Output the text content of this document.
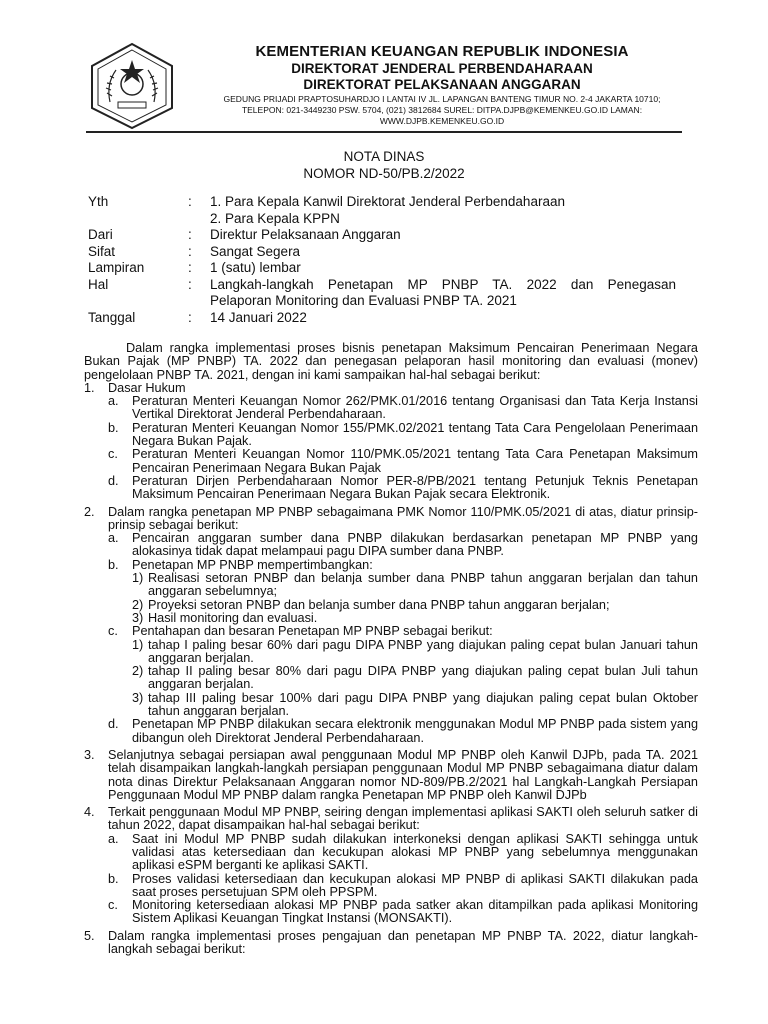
KEMENTERIAN KEUANGAN REPUBLIK INDONESIA
DIREKTORAT JENDERAL PERBENDAHARAAN
DIREKTORAT PELAKSANAAN ANGGARAN
GEDUNG PRIJADI PRAPTOSUHARDJO I LANTAI IV JL. LAPANGAN BANTENG TIMUR NO. 2-4 JAKARTA 10710;
TELEPON: 021-3449230 PSW. 5704, (021) 3812684 SUREL: DITPA.DJPB@KEMENKEU.GO.ID LAMAN:
WWW.DJPB.KEMENKEU.GO.ID
NOTA DINAS
NOMOR ND-50/PB.2/2022
Yth	:	1. Para Kepala Kanwil Direktorat Jenderal Perbendaharaan
2. Para Kepala KPPN
Dari	:	Direktur Pelaksanaan Anggaran
Sifat	:	Sangat Segera
Lampiran	:	1 (satu) lembar
Hal	:	Langkah-langkah Penetapan MP PNBP TA. 2022 dan Penegasan
Pelaporan Monitoring dan Evaluasi PNBP TA. 2021
Tanggal	:	14 Januari 2022

Dalam rangka implementasi proses bisnis penetapan Maksimum Pencairan Penerimaan Negara Bukan Pajak (MP PNBP) TA. 2022 dan penegasan pelaporan hasil monitoring dan evaluasi (monev) pengelolaan PNBP TA. 2021, dengan ini kami sampaikan hal-hal sebagai berikut:

1.	Dasar Hukum
a.	Peraturan Menteri Keuangan Nomor 262/PMK.01/2016 tentang Organisasi dan Tata Kerja Instansi Vertikal Direktorat Jenderal Perbendaharaan.
b.	Peraturan Menteri Keuangan Nomor 155/PMK.02/2021 tentang Tata Cara Pengelolaan Penerimaan Negara Bukan Pajak.
c.	Peraturan Menteri Keuangan Nomor 110/PMK.05/2021 tentang Tata Cara Penetapan Maksimum Pencairan Penerimaan Negara Bukan Pajak
d.	Peraturan Dirjen Perbendaharaan Nomor PER-8/PB/2021 tentang Petunjuk Teknis Penetapan Maksimum Pencairan Penerimaan Negara Bukan Pajak secara Elektronik.
2.	Dalam rangka penetapan MP PNBP sebagaimana PMK Nomor 110/PMK.05/2021 di atas, diatur prinsip-prinsip sebagai berikut:
a.	Pencairan anggaran sumber dana PNBP dilakukan berdasarkan penetapan MP PNBP yang alokasinya tidak dapat melampaui pagu DIPA sumber dana PNBP.
b.	Penetapan MP PNBP mempertimbangkan:
1) Realisasi setoran PNBP dan belanja sumber dana PNBP tahun anggaran berjalan dan tahun anggaran sebelumnya;
2) Proyeksi setoran PNBP dan belanja sumber dana PNBP tahun anggaran berjalan;
3) Hasil monitoring dan evaluasi.
c.	Pentahapan dan besaran Penetapan MP PNBP sebagai berikut:
1) tahap I paling besar 60% dari pagu DIPA PNBP yang diajukan paling cepat bulan Januari tahun anggaran berjalan.
2) tahap II paling besar 80% dari pagu DIPA PNBP yang diajukan paling cepat bulan Juli tahun anggaran berjalan.
3) tahap III paling besar 100% dari pagu DIPA PNBP yang diajukan paling cepat bulan Oktober tahun anggaran berjalan.
d.	Penetapan MP PNBP dilakukan secara elektronik menggunakan Modul MP PNBP pada sistem yang dibangun oleh Direktorat Jenderal Perbendaharaan.
3.	Selanjutnya sebagai persiapan awal penggunaan Modul MP PNBP oleh Kanwil DJPb, pada TA. 2021 telah disampaikan langkah-langkah persiapan penggunaan Modul MP PNBP sebagaimana diatur dalam nota dinas Direktur Pelaksanaan Anggaran nomor ND-809/PB.2/2021 hal Langkah-Langkah Persiapan Penggunaan Modul MP PNBP dalam rangka Penetapan MP PNBP oleh Kanwil DJPb
4.	Terkait penggunaan Modul MP PNBP, seiring dengan implementasi aplikasi SAKTI oleh seluruh satker di tahun 2022, dapat disampaikan hal-hal sebagai berikut:
a.	Saat ini Modul MP PNBP sudah dilakukan interkoneksi dengan aplikasi SAKTI sehingga untuk validasi atas ketersediaan dan kecukupan alokasi MP PNBP yang sebelumnya menggunakan aplikasi eSPM berganti ke aplikasi SAKTI.
b.	Proses validasi ketersediaan dan kecukupan alokasi MP PNBP di aplikasi SAKTI dilakukan pada saat proses persetujuan SPM oleh PPSPM.
c.	Monitoring ketersediaan alokasi MP PNBP pada satker akan ditampilkan pada aplikasi Monitoring Sistem Aplikasi Keuangan Tingkat Instansi (MONSAKTI).
5.	Dalam rangka implementasi proses pengajuan dan penetapan MP PNBP TA. 2022, diatur langkah-langkah sebagai berikut:
